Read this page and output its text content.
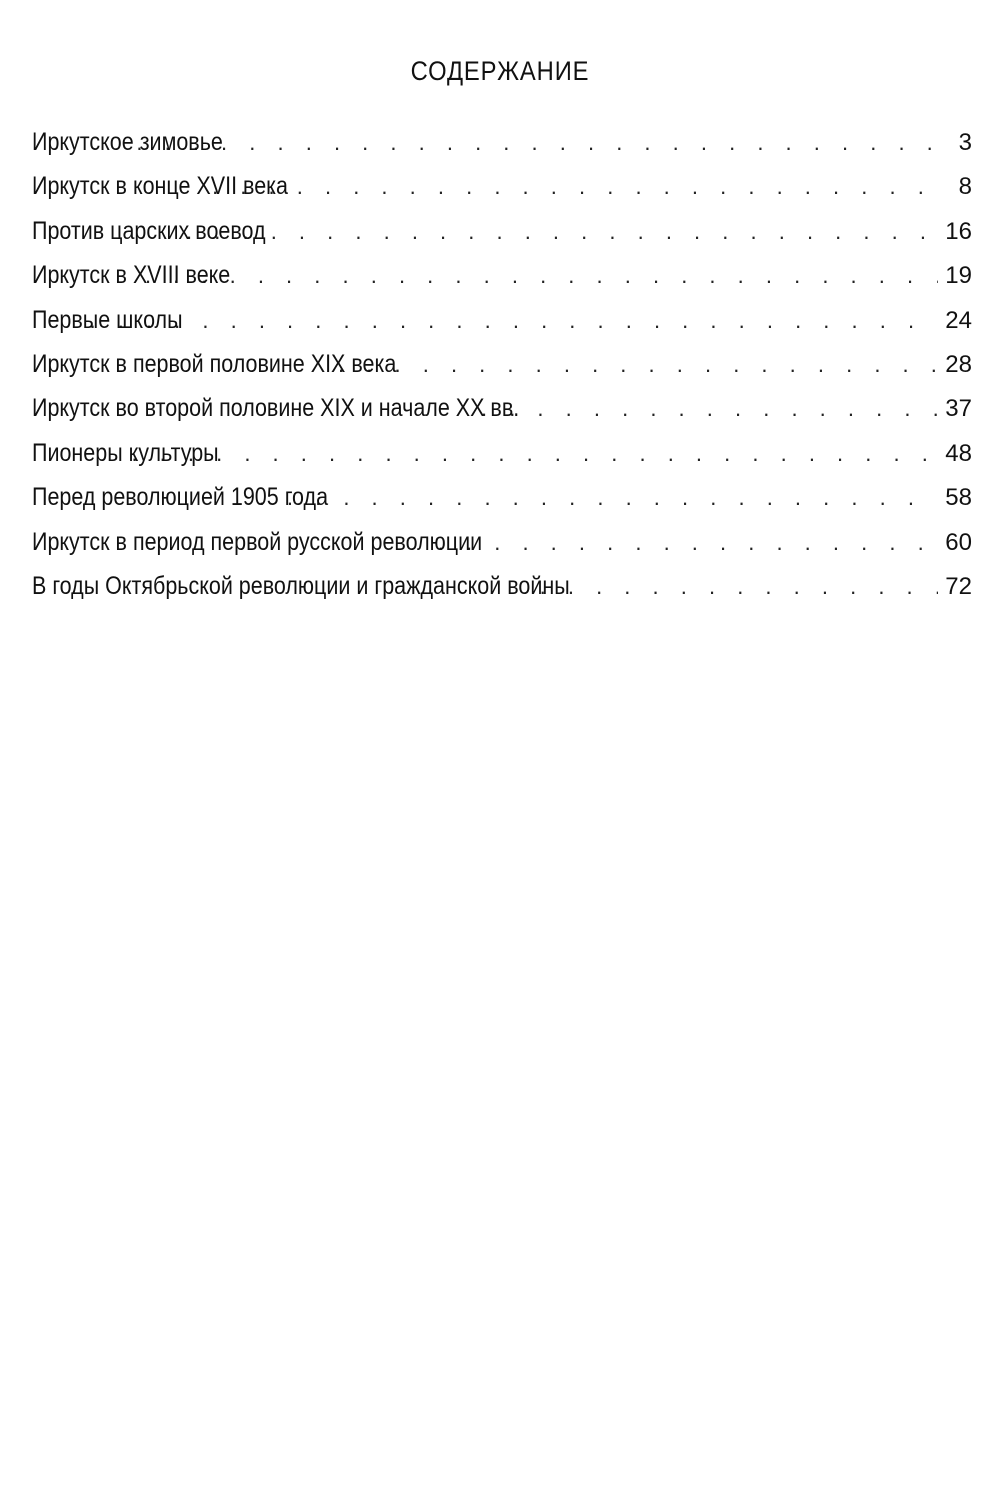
СОДЕРЖАНИЕ
Иркутское зимовье . . .	3
Иркутск в конце XVII века . . .	8
Против царских воевод . . .	16
Иркутск в XVIII веке . . .	19
Первые школы . . .	24
Иркутск в первой половине XIX века . . .	28
Иркутск во второй половине XIX и начале XX вв. . . .	37
Пионеры культуры . . .	48
Перед революцией 1905 года . . .	58
Иркутск в период первой русской революции . . .	60
В годы Октябрьской революции и гражданской войны . . .	72
